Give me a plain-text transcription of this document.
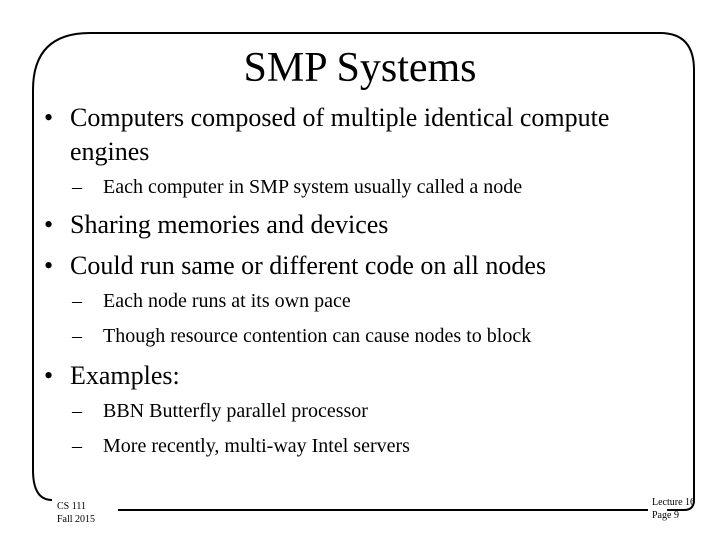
SMP Systems
• Computers composed of multiple identical compute
engines
– Each computer in SMP system usually called a node
• Sharing memories and devices
• Could run same or different code on all nodes
– Each node runs at its own pace
– Though resource contention can cause nodes to block
• Examples:
– BBN Butterfly parallel processor
– More recently, multi-way Intel servers
CS 111
Fall 2015
Lecture 16
Page 9
